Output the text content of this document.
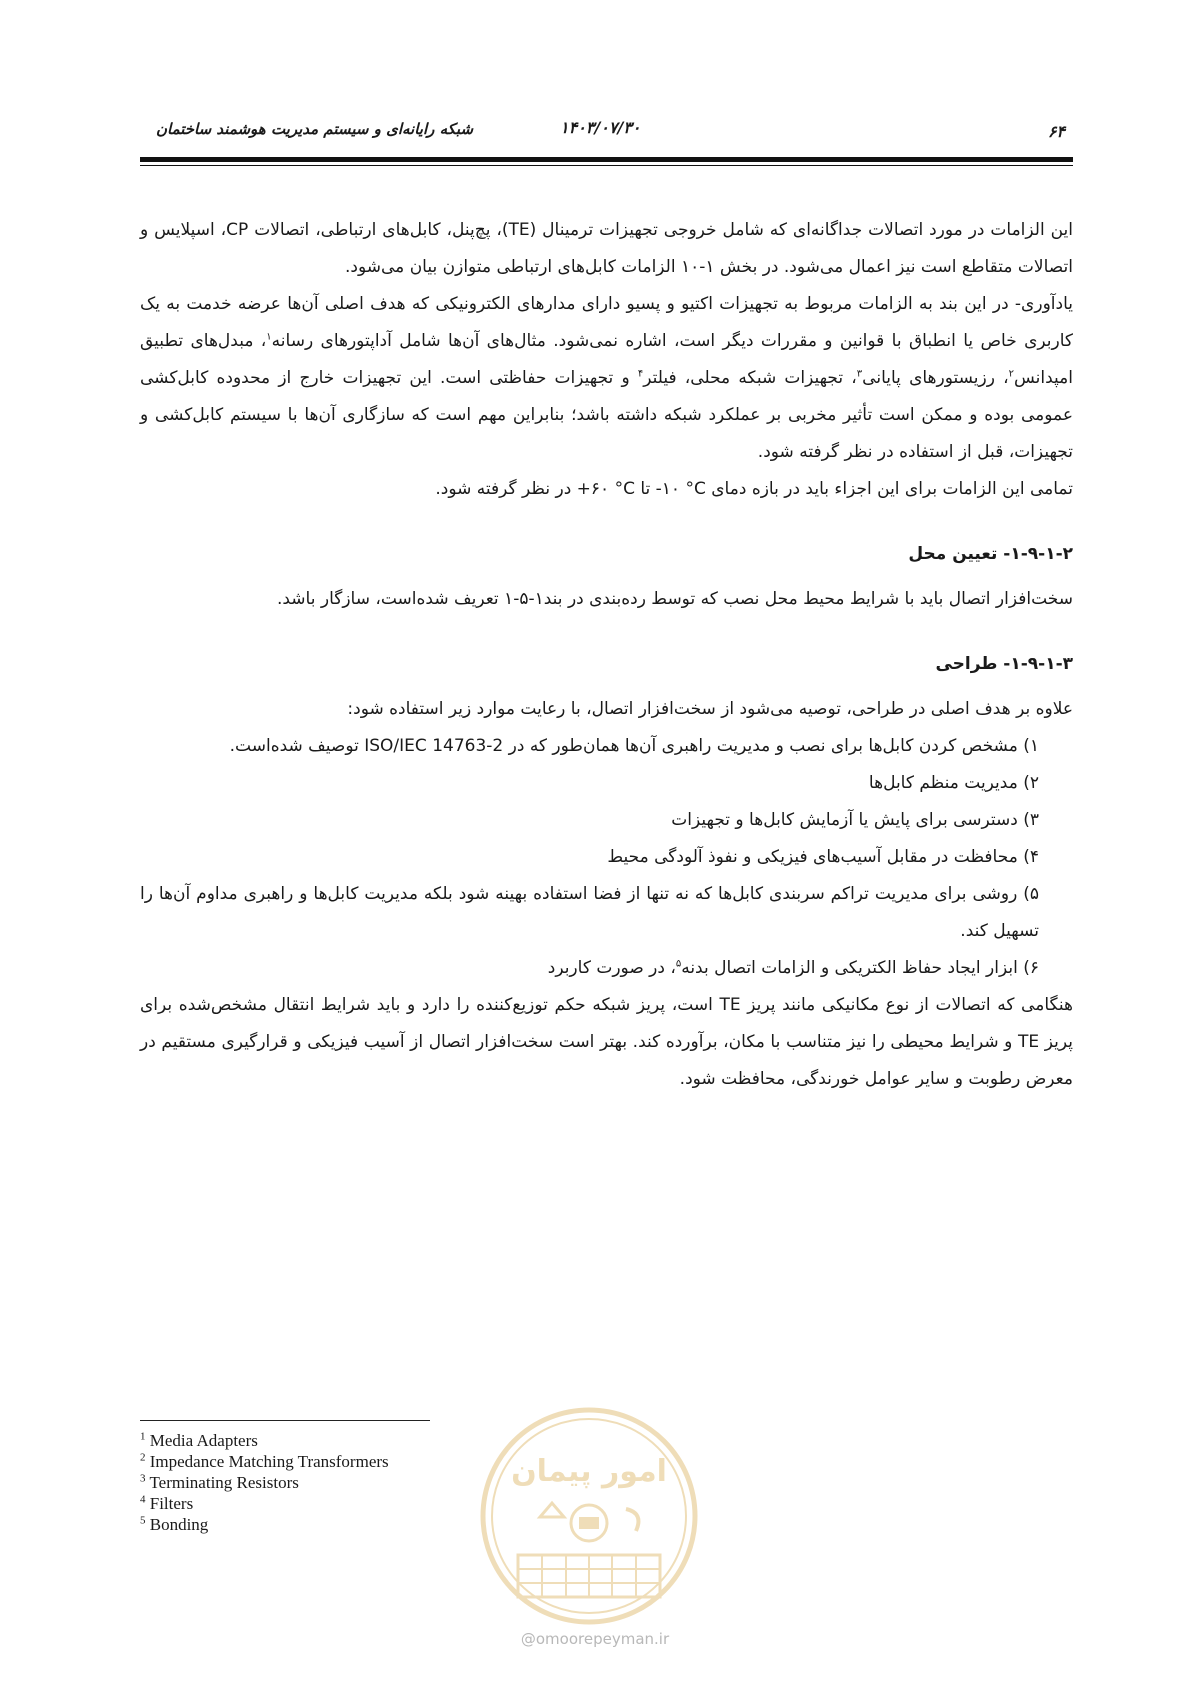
شبکه رایانه‌ای و سیستم مدیریت هوشمند ساختمان	۱۴۰۳/۰۷/۳۰	۶۴

این الزامات در مورد اتصالات جداگانه‌ای که شامل خروجی تجهیزات ترمینال (TE)، پچ‌پنل، کابل‌های ارتباطی، اتصالات CP، اسپلایس و اتصالات متقاطع است نیز اعمال می‌شود. در بخش ۱-۱۰ الزامات کابل‌های ارتباطی متوازن بیان می‌شود.

یادآوری- در این بند به الزامات مربوط به تجهیزات اکتیو و پسیو دارای مدارهای الکترونیکی که هدف اصلی آن‌ها عرضه خدمت به یک کاربری خاص یا انطباق با قوانین و مقررات دیگر است، اشاره نمی‌شود. مثال‌های آن‌ها شامل آداپتورهای رسانه$^۱$، مبدل‌های تطبیق امپدانس$^۲$، رزیستورهای پایانی$^۳$، تجهیزات شبکه محلی، فیلتر$^۴$ و تجهیزات حفاظتی است. این تجهیزات خارج از محدوده کابل‌کشی عمومی بوده و ممکن است تأثیر مخربی بر عملکرد شبکه داشته باشد؛ بنابراین مهم است که سازگاری آن‌ها با سیستم کابل‌کشی و تجهیزات، قبل از استفاده در نظر گرفته شود.

تمامی این الزامات برای این اجزاء باید در بازه دمای ‎-۱۰ °C‏ تا ‎+۶۰ °C‏ در نظر گرفته شود.

۱-۹-۱-۲- تعیین محل

سخت‌افزار اتصال باید با شرایط محیط محل نصب که توسط رده‌بندی در بند۱-۵-۱ تعریف شده‌است، سازگار باشد.

۱-۹-۱-۳- طراحی

علاوه بر هدف اصلی در طراحی، توصیه می‌شود از سخت‌افزار اتصال، با رعایت موارد زیر استفاده شود:

۱) مشخص کردن کابل‌ها برای نصب و مدیریت راهبری آن‌ها همان‌طور که در ISO/IEC 14763-2 توصیف شده‌است.

۲) مدیریت منظم کابل‌ها

۳) دسترسی برای پایش یا آزمایش کابل‌ها و تجهیزات

۴) محافظت در مقابل آسیب‌های فیزیکی و نفوذ آلودگی محیط

۵) روشی برای مدیریت تراکم سربندی کابل‌ها که نه تنها از فضا استفاده بهینه شود بلکه مدیریت کابل‌ها و راهبری مداوم آن‌ها را تسهیل کند.

۶) ابزار ایجاد حفاظ الکتریکی و الزامات اتصال بدنه$^۵$، در صورت کاربرد

هنگامی که اتصالات از نوع مکانیکی مانند پریز TE است، پریز شبکه حکم توزیع‌کننده را دارد و باید شرایط انتقال مشخص‌شده برای پریز TE و شرایط محیطی را نیز متناسب با مکان، برآورده کند. بهتر است سخت‌افزار اتصال از آسیب فیزیکی و قرارگیری مستقیم در معرض رطوبت و سایر عوامل خورندگی، محافظت شود.

$^1$ Media Adapters
$^2$ Impedance Matching Transformers
$^3$ Terminating Resistors
$^4$ Filters
$^5$ Bonding
امور پیمان
@omoorepeyman.ir
